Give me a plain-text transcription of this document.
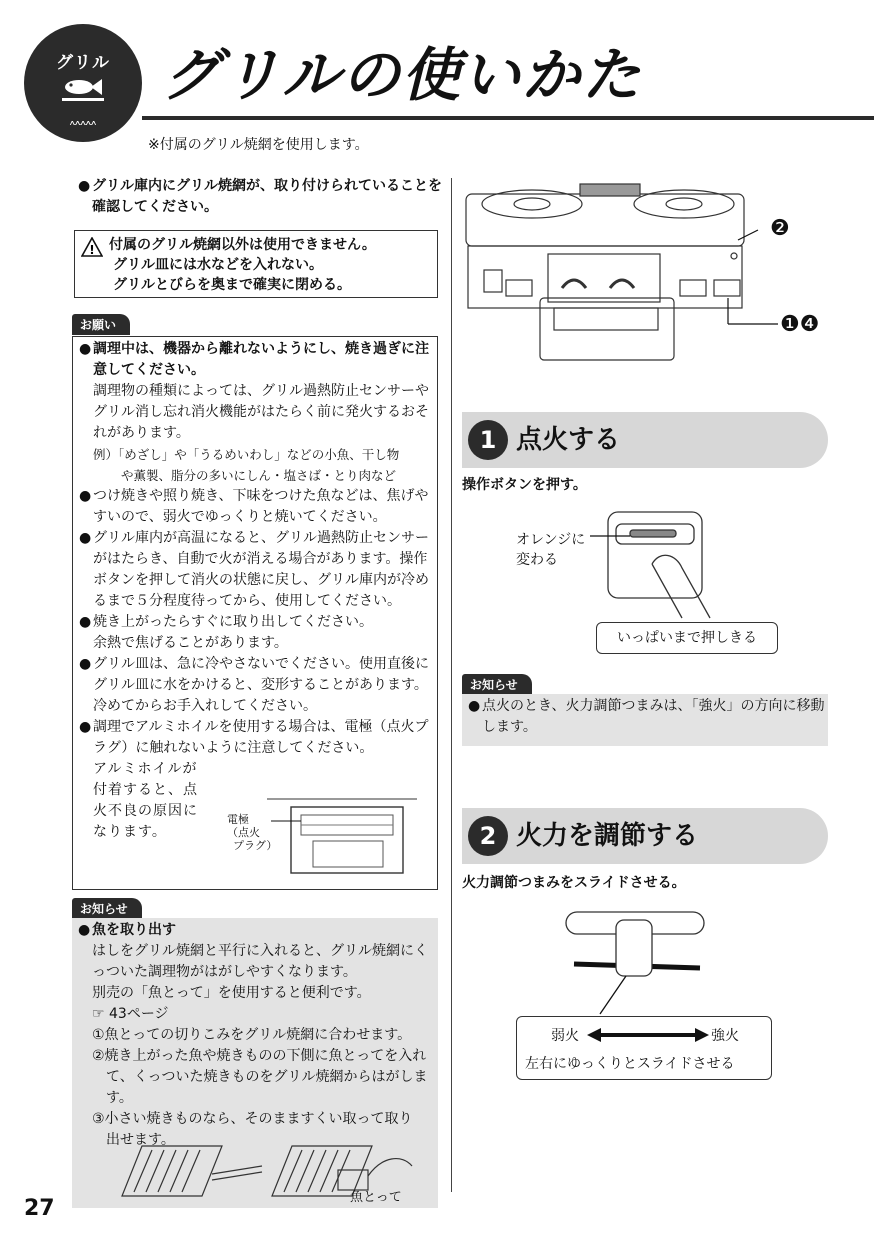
グリル
ߍߍߍߍߍ
グリルの使いかた
※付属のグリル焼網を使用します。
● グリル庫内にグリル焼網が、取り付けられていることを確認してください。
! 付属のグリル焼網以外は使用できません。
グリル皿には水などを入れない。
グリルとびらを奥まで確実に閉める。
お願い
● 調理中は、機器から離れないようにし、焼き過ぎに注意してください。
調理物の種類によっては、グリル過熱防止センサーやグリル消し忘れ消火機能がはたらく前に発火するおそれがあります。
例）「めざし」や「うるめいわし」などの小魚、干し物
や薫製、脂分の多いにしん・塩さば・とり肉など
● つけ焼きや照り焼き、下味をつけた魚などは、焦げやすいので、弱火でゆっくりと焼いてください。
● グリル庫内が高温になると、グリル過熱防止センサーがはたらき、自動で火が消える場合があります。操作ボタンを押して消火の状態に戻し、グリル庫内が冷めるまで５分程度待ってから、使用してください。
● 焼き上がったらすぐに取り出してください。
余熱で焦げることがあります。
● グリル皿は、急に冷やさないでください。使用直後にグリル皿に水をかけると、変形することがあります。冷めてからお手入れしてください。
● 調理でアルミホイルを使用する場合は、電極（点火プラグ）に触れないように注意してください。
アルミホイルが付着すると、点火不良の原因になります。
電極
（点火
プラグ）
お知らせ
● 魚を取り出す
はしをグリル焼網と平行に入れると、グリル焼網にくっついた調理物がはがしやすくなります。
別売の「魚とって」を使用すると便利です。
☞ 43ページ
①魚とっての切りこみをグリル焼網に合わせます。
②焼き上がった魚や焼きものの下側に魚とってを入れ
て、くっついた焼きものをグリル焼網からはがします。
③小さい焼きものなら、そのまますくい取って取り
出せます。
魚とって
❷
❶❹
1 点火する
操作ボタンを押す。
オレンジに
変わる
いっぱいまで押しきる
お知らせ
● 点火のとき、火力調節つまみは、「強火」の方向に移動します。
2 火力を調節する
火力調節つまみをスライドさせる。
弱火	強火
左右にゆっくりとスライドさせる
27
